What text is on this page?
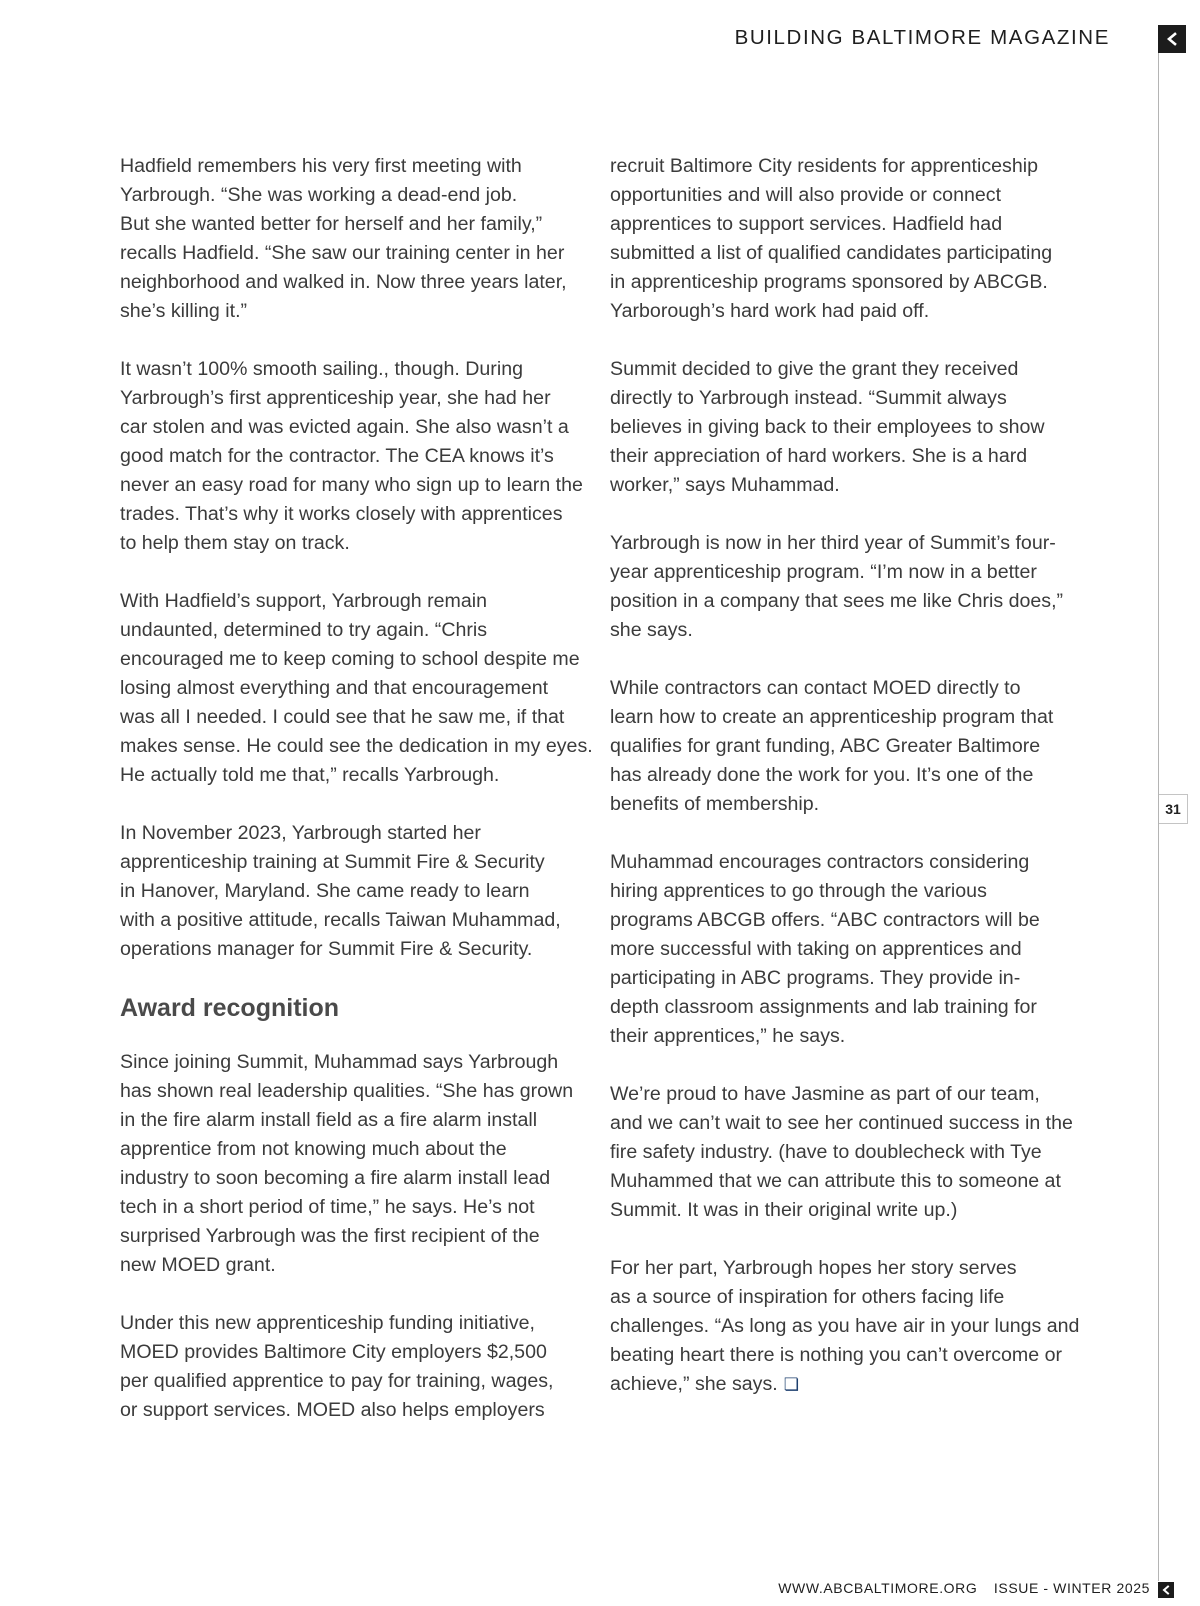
BUILDING BALTIMORE MAGAZINE
31

Hadfield remembers his very first meeting with
Yarbrough. “She was working a dead-end job.
But she wanted better for herself and her family,”
recalls Hadfield. “She saw our training center in her
neighborhood and walked in. Now three years later,
she’s killing it.”

It wasn’t 100% smooth sailing., though. During
Yarbrough’s first apprenticeship year, she had her
car stolen and was evicted again. She also wasn’t a
good match for the contractor. The CEA knows it’s
never an easy road for many who sign up to learn the
trades. That’s why it works closely with apprentices
to help them stay on track.

With Hadfield’s support, Yarbrough remain
undaunted, determined to try again. “Chris
encouraged me to keep coming to school despite me
losing almost everything and that encouragement
was all I needed. I could see that he saw me, if that
makes sense. He could see the dedication in my eyes.
He actually told me that,” recalls Yarbrough.

In November 2023, Yarbrough started her
apprenticeship training at Summit Fire & Security
in Hanover, Maryland. She came ready to learn
with a positive attitude, recalls Taiwan Muhammad,
operations manager for Summit Fire & Security.

Award recognition

Since joining Summit, Muhammad says Yarbrough
has shown real leadership qualities. “She has grown
in the fire alarm install field as a fire alarm install
apprentice from not knowing much about the
industry to soon becoming a fire alarm install lead
tech in a short period of time,” he says. He’s not
surprised Yarbrough was the first recipient of the
new MOED grant.

Under this new apprenticeship funding initiative,
MOED provides Baltimore City employers $2,500
per qualified apprentice to pay for training, wages,
or support services. MOED also helps employers

recruit Baltimore City residents for apprenticeship
opportunities and will also provide or connect
apprentices to support services. Hadfield had
submitted a list of qualified candidates participating
in apprenticeship programs sponsored by ABCGB.
Yarborough’s hard work had paid off.

Summit decided to give the grant they received
directly to Yarbrough instead. “Summit always
believes in giving back to their employees to show
their appreciation of hard workers. She is a hard
worker,” says Muhammad.

Yarbrough is now in her third year of Summit’s four-
year apprenticeship program. “I’m now in a better
position in a company that sees me like Chris does,”
she says.

While contractors can contact MOED directly to
learn how to create an apprenticeship program that
qualifies for grant funding, ABC Greater Baltimore
has already done the work for you. It’s one of the
benefits of membership.

Muhammad encourages contractors considering
hiring apprentices to go through the various
programs ABCGB offers. “ABC contractors will be
more successful with taking on apprentices and
participating in ABC programs. They provide in-
depth classroom assignments and lab training for
their apprentices,” he says.

We’re proud to have Jasmine as part of our team,
and we can’t wait to see her continued success in the
fire safety industry. (have to doublecheck with Tye
Muhammed that we can attribute this to someone at
Summit. It was in their original write up.)

For her part, Yarbrough hopes her story serves
as a source of inspiration for others facing life
challenges. “As long as you have air in your lungs and
beating heart there is nothing you can’t overcome or
achieve,” she says. ❏

WWW.ABCBALTIMORE.ORG ISSUE - WINTER 2025
